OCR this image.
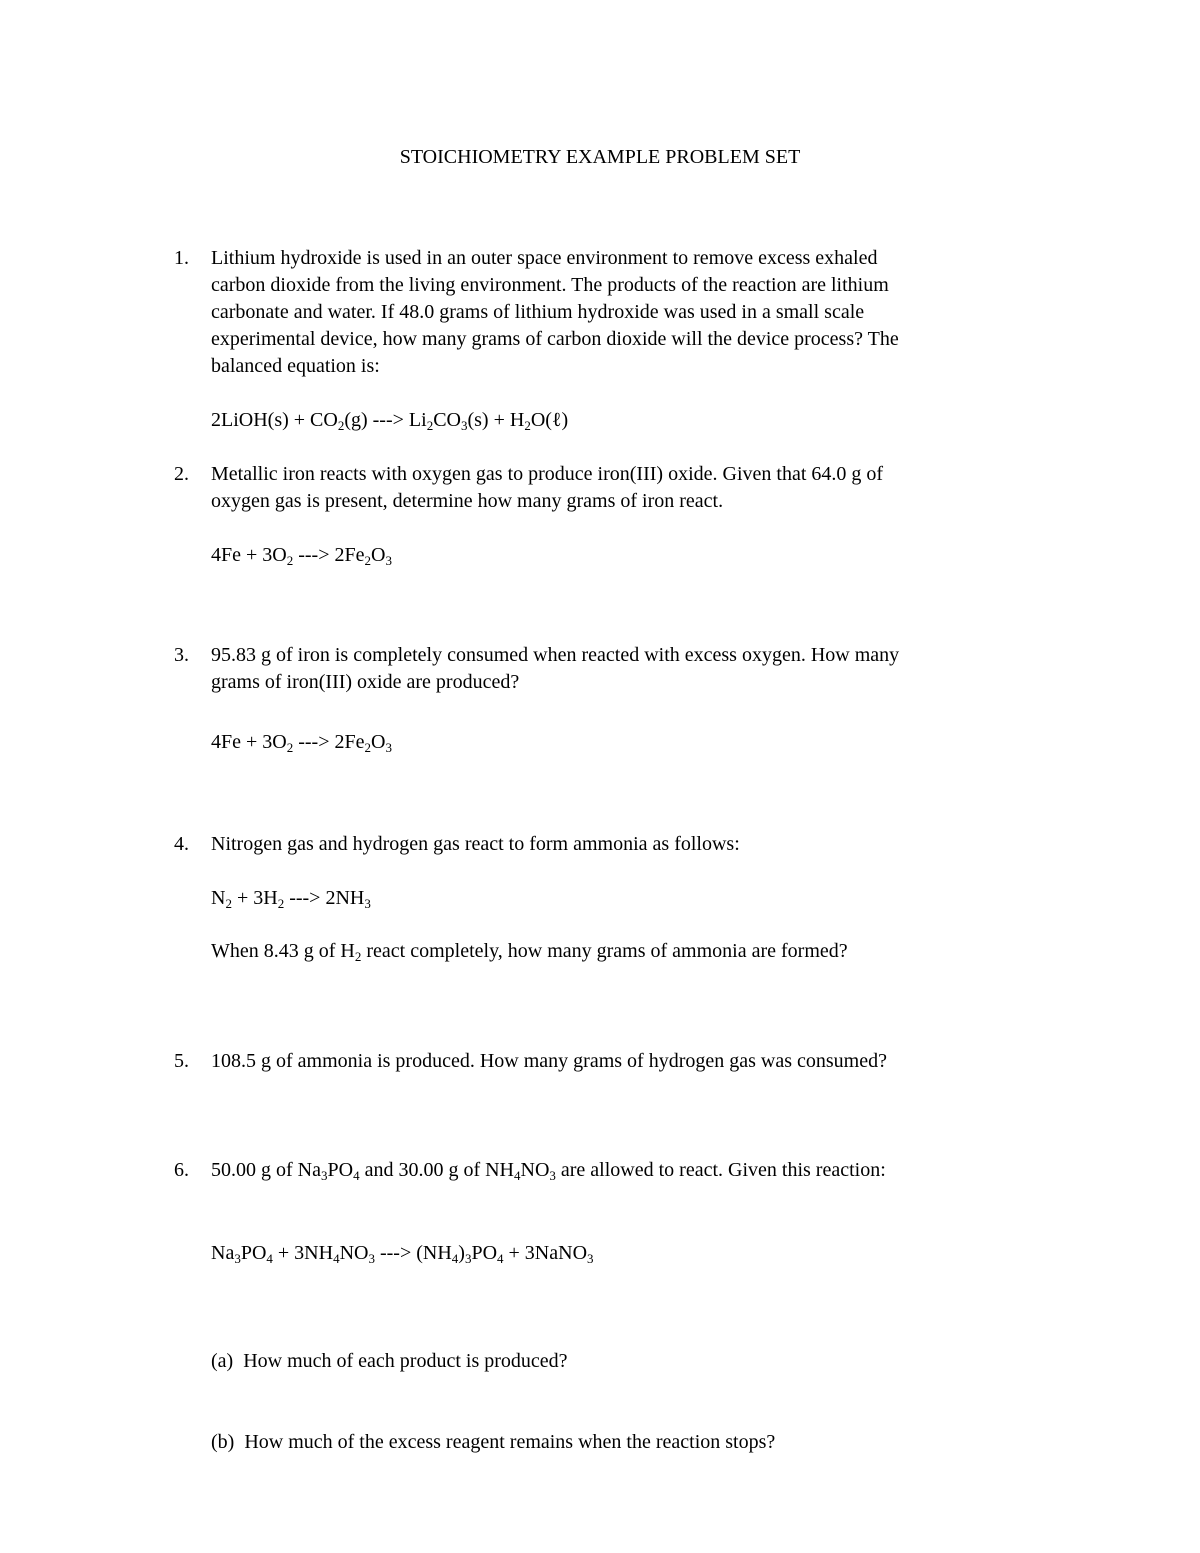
STOICHIOMETRY EXAMPLE PROBLEM SET
1. Lithium hydroxide is used in an outer space environment to remove excess exhaled
carbon dioxide from the living environment. The products of the reaction are lithium
carbonate and water. If 48.0 grams of lithium hydroxide was used in a small scale
experimental device, how many grams of carbon dioxide will the device process? The
balanced equation is:
2LiOH(s) + $CO_2(g)$ ---> $Li_2CO_3(s)$ + $H_2O(\ell)$
2. Metallic iron reacts with oxygen gas to produce iron(III) oxide. Given that 64.0 g of
oxygen gas is present, determine how many grams of iron react.
$4Fe + 3O_2$ ---> $2Fe_2O_3$
3. 95.83 g of iron is completely consumed when reacted with excess oxygen. How many
grams of iron(III) oxide are produced?
$4Fe + 3O_2$ ---> $2Fe_2O_3$
4. Nitrogen gas and hydrogen gas react to form ammonia as follows:
$N_2 + 3H_2$ ---> $2NH_3$
When 8.43 g of $H_2$ react completely, how many grams of ammonia are formed?
5. 108.5 g of ammonia is produced. How many grams of hydrogen gas was consumed?
6. 50.00 g of $Na_3PO_4$ and 30.00 g of $NH_4NO_3$ are allowed to react. Given this reaction:
$Na_3PO_4 + 3NH_4NO_3$ ---> $(NH_4)_3PO_4$ + 3NaNO$_3$

(a)  How much of each product is produced?

(b)  How much of the excess reagent remains when the reaction stops?
